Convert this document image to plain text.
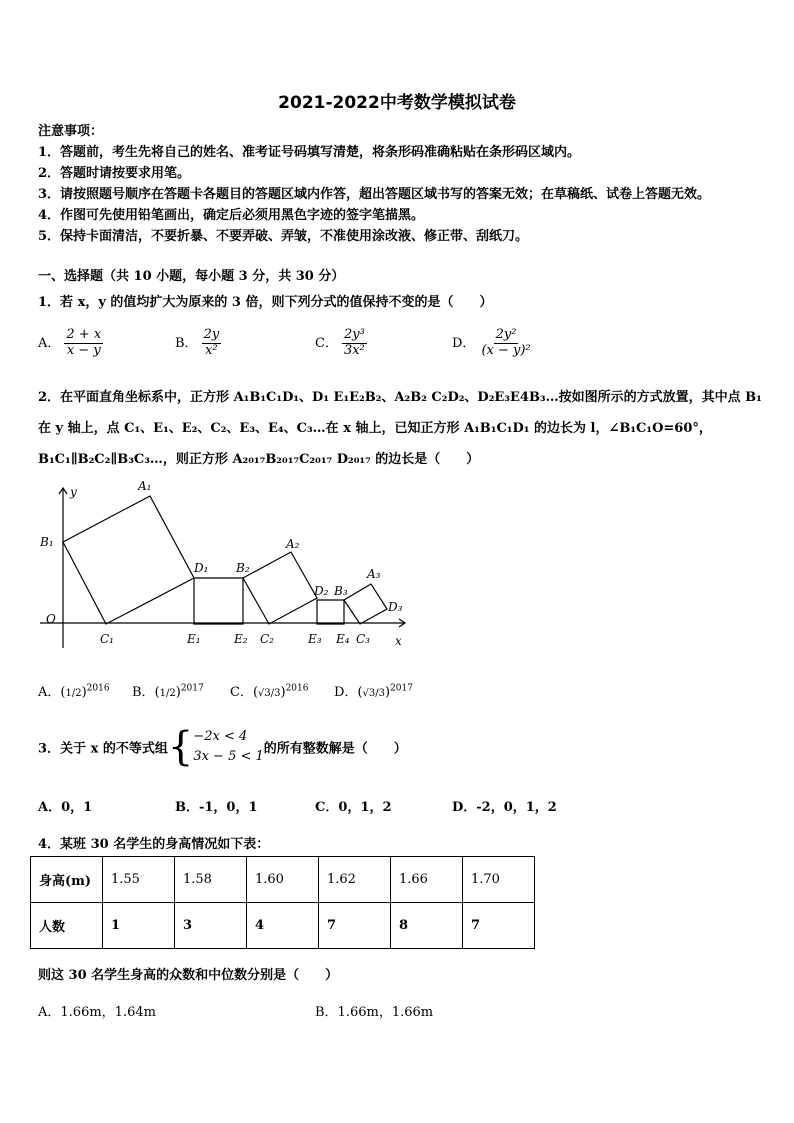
2021-2022中考数学模拟试卷
注意事项：
1．答题前，考生先将自己的姓名、准考证号码填写清楚，将条形码准确粘贴在条形码区域内。
2．答题时请按要求用笔。
3．请按照题号顺序在答题卡各题目的答题区域内作答，超出答题区域书写的答案无效；在草稿纸、试卷上答题无效。
4．作图可先使用铅笔画出，确定后必须用黑色字迹的签字笔描黑。
5．保持卡面清洁，不要折暴、不要弄破、弄皱，不准使用涂改液、修正带、刮纸刀。
一、选择题（共 10 小题，每小题 3 分，共 30 分）
1．若 x，y 的值均扩大为原来的 3 倍，则下列分式的值保持不变的是（　　）
A． $\frac{2 + x}{x - y}$	B． $\frac{2y}{\text{x²}}$	C． $\frac{\text{2y³}}{\text{3x²}}$	D． $\frac{\text{2y²}}{\text{(x − y)²}}$
2．在平面直角坐标系中，正方形 A₁B₁C₁D₁、D₁ E₁E₂B₂、A₂B₂ C₂D₂、D₂E₃E4B₃…按如图所示的方式放置，其中点 B₁
在 y 轴上，点 C₁、E₁、E₂、C₂、E₃、E₄、C₃…在 x 轴上，已知正方形 A₁B₁C₁D₁ 的边长为 l，∠B₁C₁O=60°，
B₁C₁∥B₂C₂∥B₃C₃…，则正方形 A₂₀₁₇B₂₀₁₇C₂₀₁₇ D₂₀₁₇ 的边长是（　　）
y
x
O
A₁
B₁
C₁
D₁
E₁	E₂
B₂
A₂
C₂
D₂
E₃
B₃
E₄ C₃
A₃
D₃
A．$(1/2)^{2016}$ B．$(1/2)^{2017}$ C．$(√3/3)^{2016}$ D．$(√3/3)^{2017}$
3．关于 x 的不等式组{ −2x < 4
3x − 5 < 1 的所有整数解是（　　）
A．0，1	B．-1，0，1	C．0，1，2	D．-2，0，1，2
4．某班 30 名学生的身高情况如下表：
身高(m)	1.55	1.58	1.60	1.62	1.66	1.70
人数	1	3	4	7	8	7
则这 30 名学生身高的众数和中位数分别是（　　）
A．1.66m，1.64m	B．1.66m，1.66m
